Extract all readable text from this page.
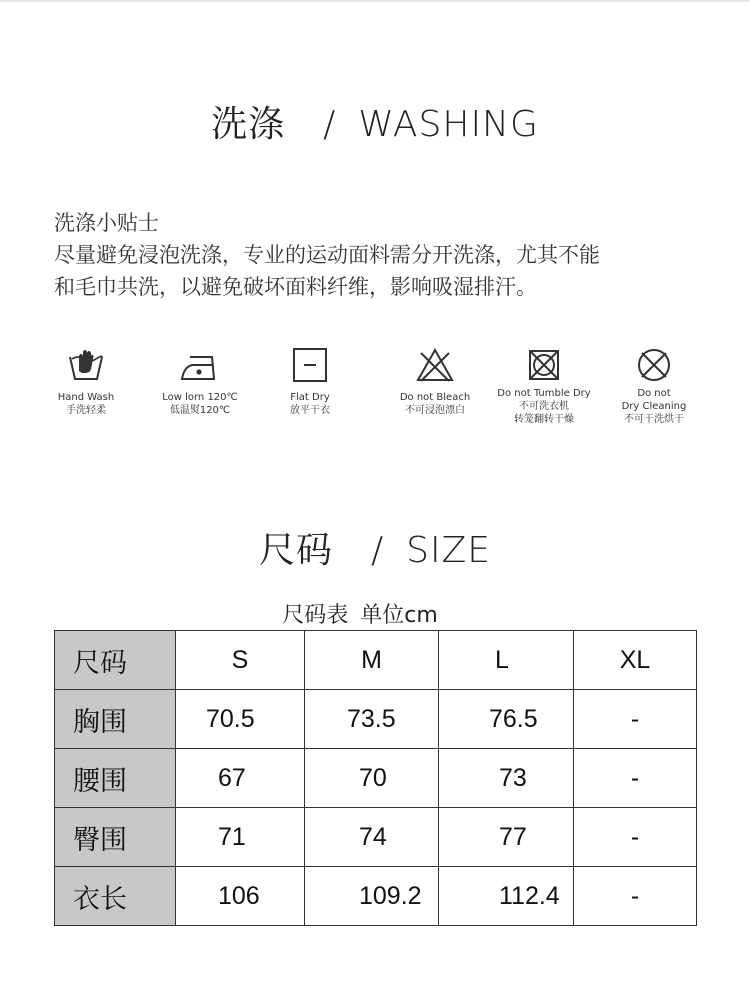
洗涤 / WASHING
洗涤小贴士
尽量避免浸泡洗涤，专业的运动面料需分开洗涤，尤其不能
和毛巾共洗，以避免破坏面料纤维，影响吸湿排汗。
Hand Wash
手洗轻柔
Low lorn 120℃
低温熨120℃
Flat Dry
放平干衣
Do not Bleach
不可浸泡漂白
Do not Tumble Dry
不可洗衣机
转笼翻转干燥
Do not
Dry Cleaning
不可干洗烘干
尺码 / SIZE
尺码表 单位cm
尺码	S	M	L	XL
胸围	70.5	73.5	76.5	-
腰围	67	70	73	-
臀围	71	74	77	-
衣长	106	109.2	112.4	-
